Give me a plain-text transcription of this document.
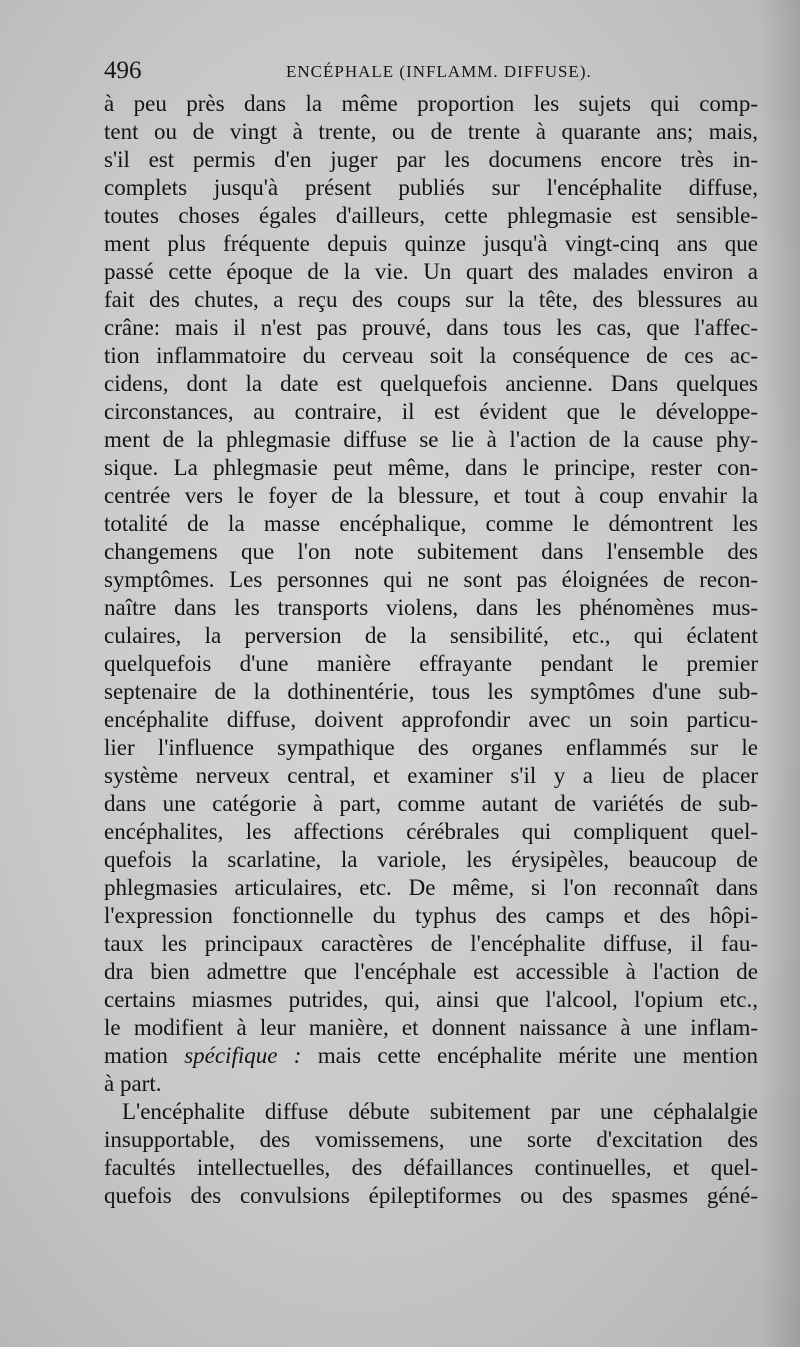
496	ENCÉPHALE (INFLAMM. DIFFUSE).
à peu près dans la même proportion les sujets qui comp-
tent ou de vingt à trente, ou de trente à quarante ans; mais,
s'il est permis d'en juger par les documens encore très in-
complets jusqu'à présent publiés sur l'encéphalite diffuse,
toutes choses égales d'ailleurs, cette phlegmasie est sensible-
ment plus fréquente depuis quinze jusqu'à vingt-cinq ans que
passé cette époque de la vie. Un quart des malades environ a
fait des chutes, a reçu des coups sur la tête, des blessures au
crâne: mais il n'est pas prouvé, dans tous les cas, que l'affec-
tion inflammatoire du cerveau soit la conséquence de ces ac-
cidens, dont la date est quelquefois ancienne. Dans quelques
circonstances, au contraire, il est évident que le développe-
ment de la phlegmasie diffuse se lie à l'action de la cause phy-
sique. La phlegmasie peut même, dans le principe, rester con-
centrée vers le foyer de la blessure, et tout à coup envahir la
totalité de la masse encéphalique, comme le démontrent les
changemens que l'on note subitement dans l'ensemble des
symptômes. Les personnes qui ne sont pas éloignées de recon-
naître dans les transports violens, dans les phénomènes mus-
culaires, la perversion de la sensibilité, etc., qui éclatent
quelquefois d'une manière effrayante pendant le premier
septenaire de la dothinentérie, tous les symptômes d'une sub-
encéphalite diffuse, doivent approfondir avec un soin particu-
lier l'influence sympathique des organes enflammés sur le
système nerveux central, et examiner s'il y a lieu de placer
dans une catégorie à part, comme autant de variétés de sub-
encéphalites, les affections cérébrales qui compliquent quel-
quefois la scarlatine, la variole, les érysipèles, beaucoup de
phlegmasies articulaires, etc. De même, si l'on reconnaît dans
l'expression fonctionnelle du typhus des camps et des hôpi-
taux les principaux caractères de l'encéphalite diffuse, il fau-
dra bien admettre que l'encéphale est accessible à l'action de
certains miasmes putrides, qui, ainsi que l'alcool, l'opium etc.,
le modifient à leur manière, et donnent naissance à une inflam-
mation spécifique : mais cette encéphalite mérite une mention
à part.
L'encéphalite diffuse débute subitement par une céphalalgie
insupportable, des vomissemens, une sorte d'excitation des
facultés intellectuelles, des défaillances continuelles, et quel-
quefois des convulsions épileptiformes ou des spasmes géné-
